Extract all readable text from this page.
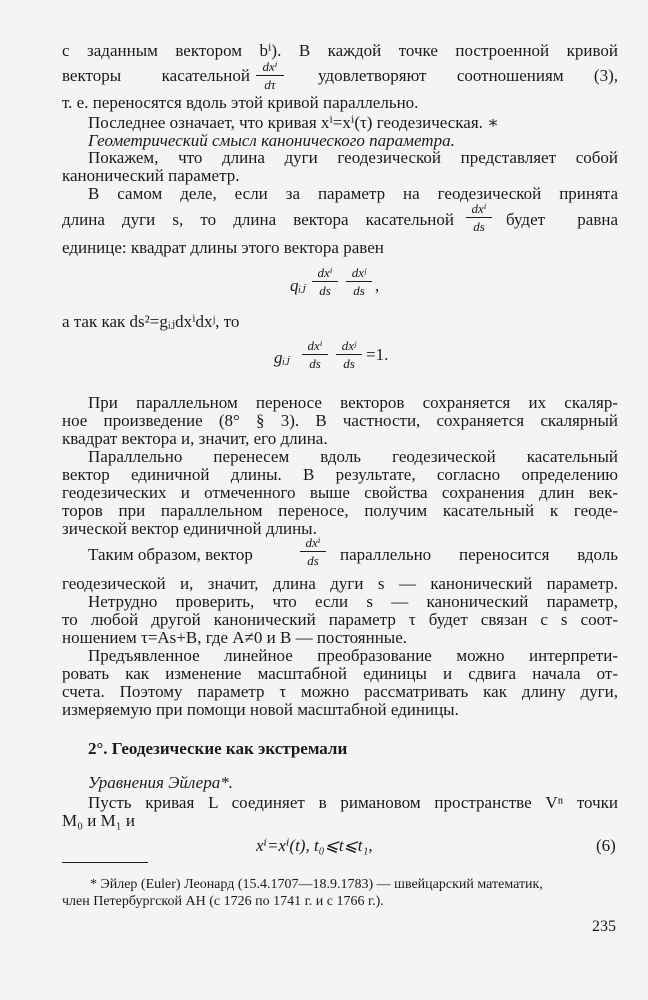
с заданным вектором bⁱ). В каждой точке построенной кривой
векторы касательной dxⁱ
dτ	удовлетворяют соотношениям (3),
т. е. переносятся вдоль этой кривой параллельно.
Последнее означает, что кривая xⁱ=xⁱ(τ) геодезическая. ∗
Геометрический смысл канонического параметра.
Покажем, что длина дуги геодезической представляет собой
канонический параметр.
В самом деле, если за параметр на геодезической принята
длина дуги s, то длина вектора касательной
dxⁱ
ds	будет равна
единице: квадрат длины этого вектора равен
qᵢⱼ
dxⁱ
ds
dxʲ
ds ,
а так как ds²=gᵢⱼdxⁱdxʲ, то
gᵢⱼ
dxⁱ
ds
dxʲ
ds =1.
При параллельном переносе векторов сохраняется их скаляр-
ное произведение (8° § 3). В частности, сохраняется скалярный
квадрат вектора и, значит, его длина.
Параллельно перенесем вдоль геодезической касательный
вектор единичной длины. В результате, согласно определению
геодезических и отмеченного выше свойства сохранения длин век-
торов при параллельном переносе, получим касательный к геоде-
зической вектор единичной длины.
Таким образом, вектор
dxⁱ
ds	параллельно переносится вдоль
геодезической и, значит, длина дуги s — канонический параметр.
Нетрудно проверить, что если s — канонический параметр,
то любой другой канонический параметр τ будет связан с s соот-
ношением τ=As+B, где A≠0 и B — постоянные.
Предъявленное линейное преобразование можно интерпрети-
ровать как изменение масштабной единицы и сдвига начала от-
счета. Поэтому параметр τ можно рассматривать как длину дуги,
измеряемую при помощи новой масштабной единицы.
2°. Геодезические как экстремали
Уравнения Эйлера*.
Пусть кривая L соединяет в римановом пространстве Vⁿ точки
M₀ и M₁ и
xⁱ=xⁱ(t), t₀⩽t⩽t₁,	(6)
* Эйлер (Euler) Леонард (15.4.1707—18.9.1783) — швейцарский математик,
член Петербургской АН (с 1726 по 1741 г. и с 1766 г.).
235
